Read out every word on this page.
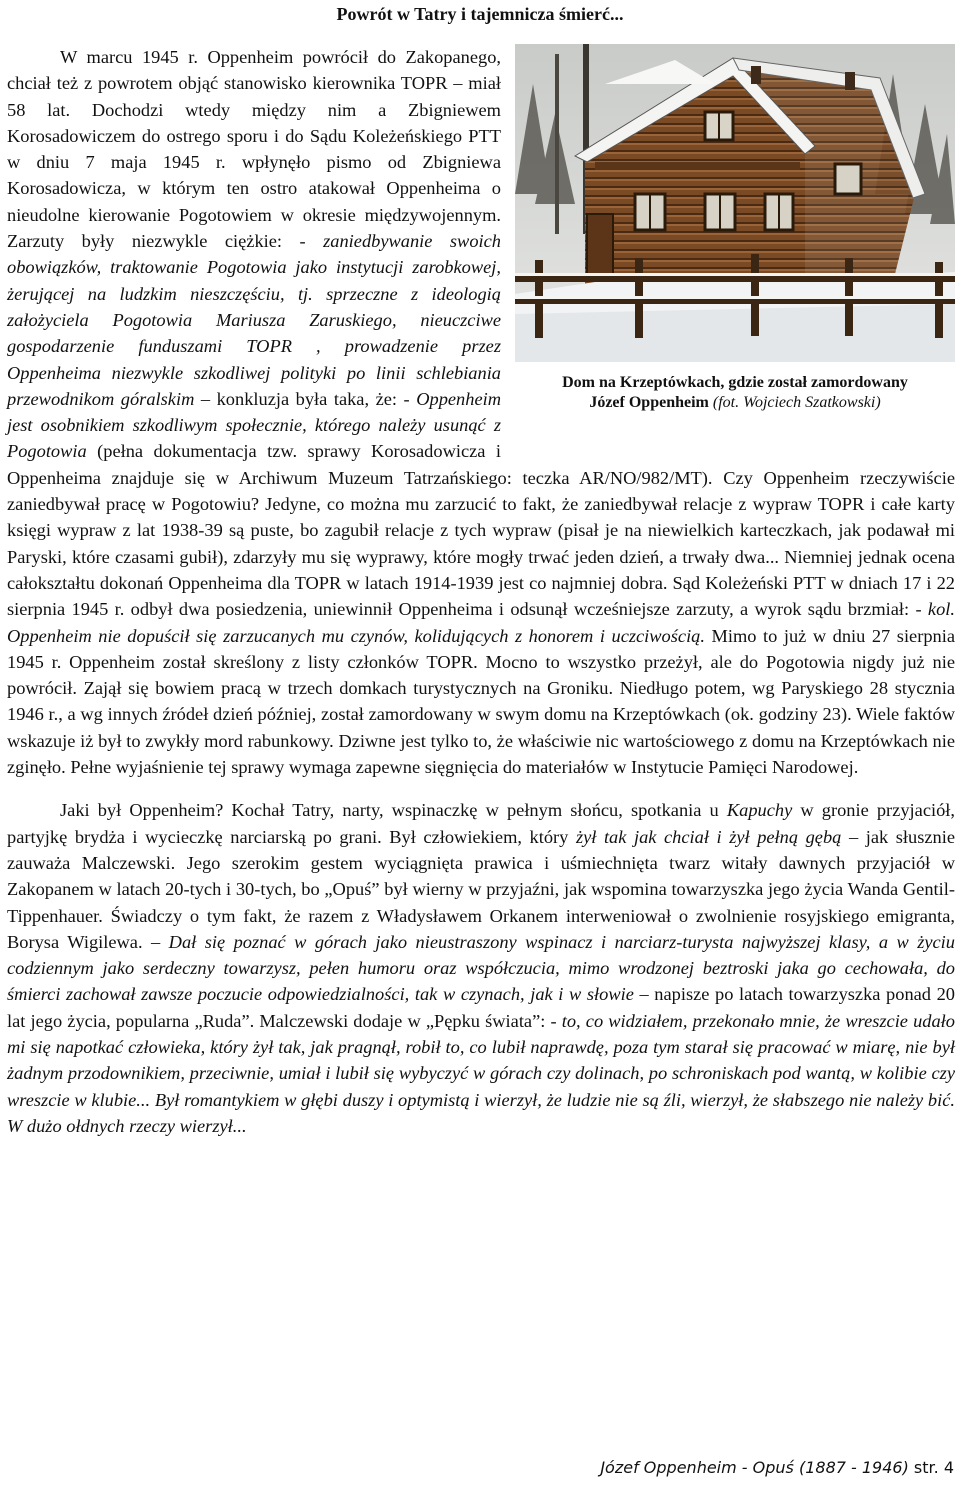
Powrót w Tatry i tajemnicza śmierć...
Dom na Krzeptówkach, gdzie został zamordowany
Józef Oppenheim (fot. Wojciech Szatkowski)

W marcu 1945 r. Oppenheim powrócił do Zakopanego, chciał też z powrotem objąć stanowisko kierownika TOPR – miał 58 lat. Dochodzi wtedy między nim a Zbigniewem Korosadowiczem do ostrego sporu i do Sądu Koleżeńskiego PTT w dniu 7 maja 1945 r. wpłynęło pismo od Zbigniewa Korosadowicza, w którym ten ostro atakował Oppenheima o nieudolne kierowanie Pogotowiem w okresie międzywojennym. Zarzuty były niezwykle ciężkie: - zaniedbywanie swoich obowiązków, traktowanie Pogotowia jako instytucji zarobkowej, żerującej na ludzkim nieszczęściu, tj. sprzeczne z ideologią założyciela Pogotowia Mariusza Zaruskiego, nieuczciwe gospodarzenie funduszami TOPR , prowadzenie przez Oppenheima niezwykle szkodliwej polityki po linii schlebiania przewodnikom góralskim – konkluzja była taka, że: - Oppenheim jest osobnikiem szkodliwym społecznie, którego należy usunąć z Pogotowia (pełna dokumentacja tzw. sprawy Korosadowicza i Oppenheima znajduje się w Archiwum Muzeum Tatrzańskiego: teczka AR/NO/982/MT). Czy Oppenheim rzeczywiście zaniedbywał pracę w Pogotowiu? Jedyne, co można mu zarzucić to fakt, że zaniedbywał relacje z wypraw TOPR i całe karty księgi wypraw z lat 1938-39 są puste, bo zagubił relacje z tych wypraw (pisał je na niewielkich karteczkach, jak podawał mi Paryski, które czasami gubił), zdarzyły mu się wyprawy, które mogły trwać jeden dzień, a trwały dwa... Niemniej jednak ocena całokształtu dokonań Oppenheima dla TOPR w latach 1914-1939 jest co najmniej dobra. Sąd Koleżeński PTT w dniach 17 i 22 sierpnia 1945 r. odbył dwa posiedzenia, uniewinnił Oppenheima i odsunął wcześniejsze zarzuty, a wyrok sądu brzmiał: - kol. Oppenheim nie dopuścił się zarzucanych mu czynów, kolidujących z honorem i uczciwością. Mimo to już w dniu 27 sierpnia 1945 r. Oppenheim został skreślony z listy członków TOPR. Mocno to wszystko przeżył, ale do Pogotowia nigdy już nie powrócił. Zajął się bowiem pracą w trzech domkach turystycznych na Groniku. Niedługo potem, wg Paryskiego 28 stycznia 1946 r., a wg innych źródeł dzień później, został zamordowany w swym domu na Krzeptówkach (ok. godziny 23). Wiele faktów wskazuje iż był to zwykły mord rabunkowy. Dziwne jest tylko to, że właściwie nic wartościowego z domu na Krzeptówkach nie zginęło. Pełne wyjaśnienie tej sprawy wymaga zapewne sięgnięcia do materiałów w Instytucie Pamięci Narodowej.

Jaki był Oppenheim? Kochał Tatry, narty, wspinaczkę w pełnym słońcu, spotkania u Kapuchy w gronie przyjaciół, partyjkę brydża i wycieczkę narciarską po grani. Był człowiekiem, który żył tak jak chciał i żył pełną gębą – jak słusznie zauważa Malczewski. Jego szerokim gestem wyciągnięta prawica i uśmiechnięta twarz witały dawnych przyjaciół w Zakopanem w latach 20-tych i 30-tych, bo „Opuś” był wierny w przyjaźni, jak wspomina towarzyszka jego życia Wanda Gentil-Tippenhauer. Świadczy o tym fakt, że razem z Władysławem Orkanem interweniował o zwolnienie rosyjskiego emigranta, Borysa Wigilewa. – Dał się poznać w górach jako nieustraszony wspinacz i narciarz-turysta najwyższej klasy, a w życiu codziennym jako serdeczny towarzysz, pełen humoru oraz współczucia, mimo wrodzonej beztroski jaka go cechowała, do śmierci zachował zawsze poczucie odpowiedzialności, tak w czynach, jak i w słowie – napisze po latach towarzyszka ponad 20 lat jego życia, popularna „Ruda”. Malczewski dodaje w „Pępku świata”: - to, co widziałem, przekonało mnie, że wreszcie udało mi się napotkać człowieka, który żył tak, jak pragnął, robił to, co lubił naprawdę, poza tym starał się pracować w miarę, nie był żadnym przodownikiem, przeciwnie, umiał i lubił się wybyczyć w górach czy dolinach, po schroniskach pod wantą, w kolibie czy wreszcie w klubie... Był romantykiem w głębi duszy i optymistą i wierzył, że ludzie nie są źli, wierzył, że słabszego nie należy bić. W dużo ołdnych rzeczy wierzył...

Józef Oppenheim - Opuś (1887 - 1946) str. 4
